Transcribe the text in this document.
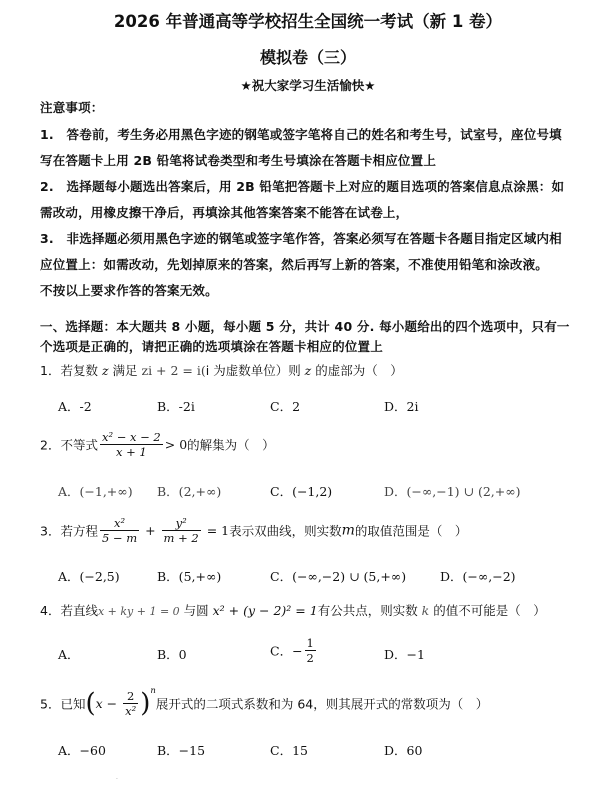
2026 年普通高等学校招生全国统一考试（新 1 卷）
模拟卷（三）
★祝大家学习生活愉快★
注意事项：
1.　答卷前，考生务必用黑色字迹的钢笔或签字笔将自己的姓名和考生号，试室号，座位号填
写在答题卡上用 2B 铅笔将试卷类型和考生号填涂在答题卡相应位置上
2.　选择题每小题选出答案后，用 2B 铅笔把答题卡上对应的题目选项的答案信息点涂黑：如
需改动，用橡皮擦干净后，再填涂其他答案答案不能答在试卷上，
3.　非选择题必须用黑色字迹的钢笔或签字笔作答，答案必须写在答题卡各题目指定区域内相
应位置上：如需改动，先划掉原来的答案，然后再写上新的答案，不准使用铅笔和涂改液。
不按以上要求作答的答案无效。
一、选择题：本大题共 8 小题，每小题 5 分，共计 40 分. 每小题给出的四个选项中，只有一
个选项是正确的，请把正确的选项填涂在答题卡相应的位置上
1．若复数 z 满足 zi + 2 = i(i 为虚数单位）则 z 的虚部为（　）
A．-2	B．-2i	C．2	D．2i
2．不等式 $\frac{\text{x² − x − 2}}{x + 1} > 0$的解集为（　）
A．(−1,+∞) B．(2,+∞)	C．(−1,2)	D．(−∞,−1) ∪ (2,+∞)
3．若方程 $\frac{\text{x²}}{5 - m} + \frac{\text{y²}}{m + 2} = 1$表示双曲线，则实数m的取值范围是（　）
A．(−2,5)	B．(5,+∞)	C．(−∞,−2) ∪ (5,+∞)	D．(−∞,−2)
4．若直线x + ky + 1 = 0 与圆 x² + (y − 2)² = 1有公共点，则实数 k 的值不可能是（　）
A．	B．0	C．− $\frac{1}{2}$	D．−1
5．已知$(x - \frac{2}{\text{x²}} )^n$展开式的二项式系数和为 64，则其展开式的常数项为（　）
A．−60	B．−15	C．15	D．60
·
